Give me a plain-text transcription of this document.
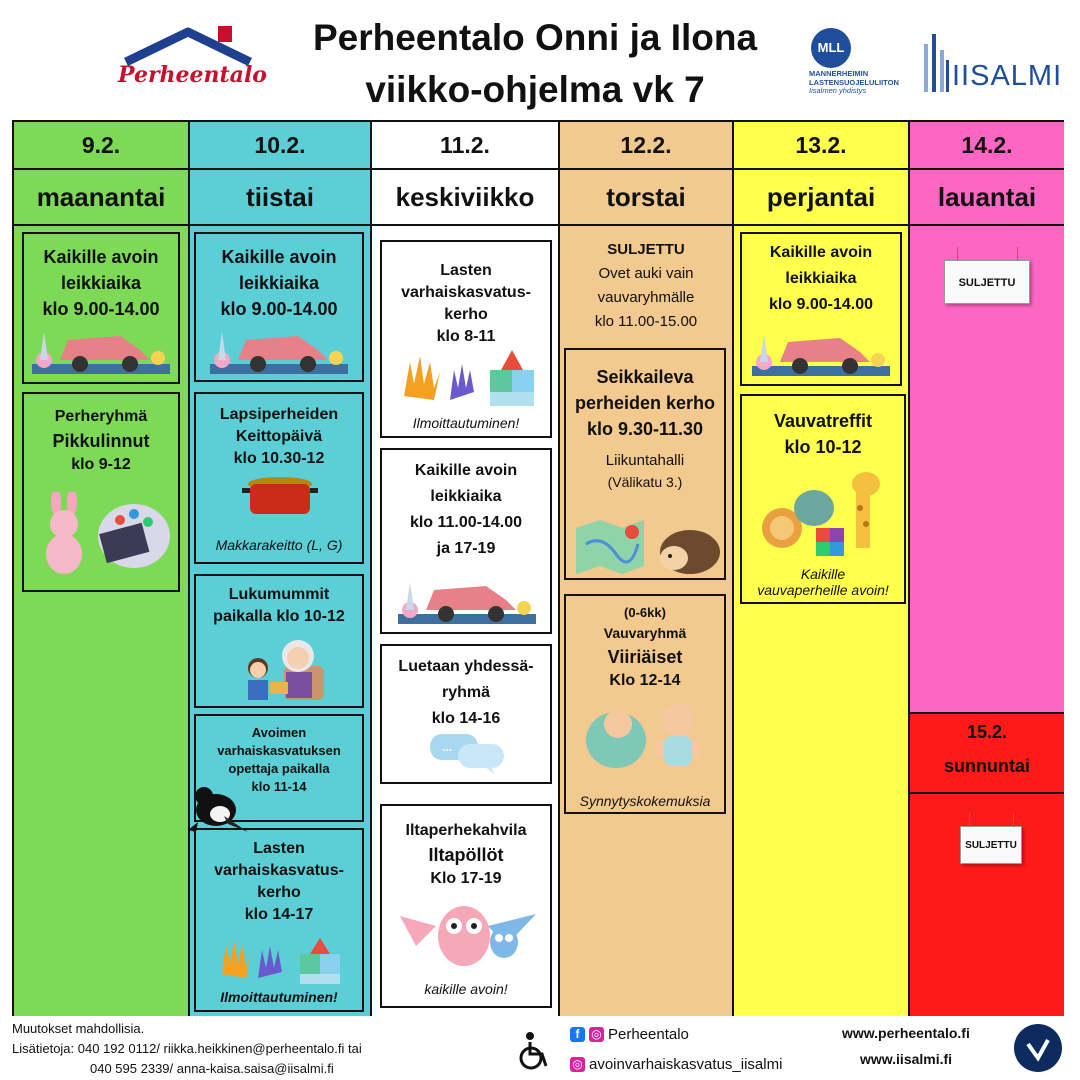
Perheentalo
Perheentalo Onni ja Ilona
viikko-ohjelma vk 7
MLL
MANNERHEIMIN
LASTENSUOJELULIITON
Iisalmen yhdistys	IISALMI
9.2.
maanantai
Kaikille avoin
leikkiaika
klo 9.00-14.00
Perheryhmä
Pikkulinnut
klo 9-12
10.2.
tiistai
Kaikille avoin
leikkiaika
klo 9.00-14.00
Lapsiperheiden
Keittopäivä
klo 10.30-12
Makkarakeitto (L, G)
Lukumummit
paikalla klo 10-12
Avoimen
varhaiskasvatuksen
opettaja paikalla
klo 11-14
Lasten
varhaiskasvatus-
kerho
klo 14-17
Ilmoittautuminen!
11.2.
keskiviikko
Lasten
varhaiskasvatus-
kerho
klo 8-11
Ilmoittautuminen!
Kaikille avoin
leikkiaika
klo 11.00-14.00
ja 17-19
Luetaan yhdessä-
ryhmä
klo 14-16
...
Iltaperhekahvila
Iltapöllöt
Klo 17-19
kaikille avoin!
12.2.
torstai
SULJETTU
Ovet auki vain
vauvaryhmälle
klo 11.00-15.00
Seikkaileva
perheiden kerho
klo 9.30-11.30
Liikuntahalli
(Välikatu 3.)
(0-6kk)
Vauvaryhmä
Viiriäiset
Klo 12-14
Synnytyskokemuksia
13.2.
perjantai
Kaikille avoin
leikkiaika
klo 9.00-14.00
Vauvatreffit
klo 10-12
Kaikille
vauvaperheille avoin!
14.2.
lauantai
SULJETTU
15.2.
sunnuntai
SULJETTU
Muutokset mahdollisia.
Lisätietoja: 040 192 0112/ riikka.heikkinen@perheentalo.fi tai
040 595 2339/ anna-kaisa.saisa@iisalmi.fi
f ◎ Perheentalo
◎ avoinvarhaiskasvatus_iisalmi
www.perheentalo.fi
www.iisalmi.fi
